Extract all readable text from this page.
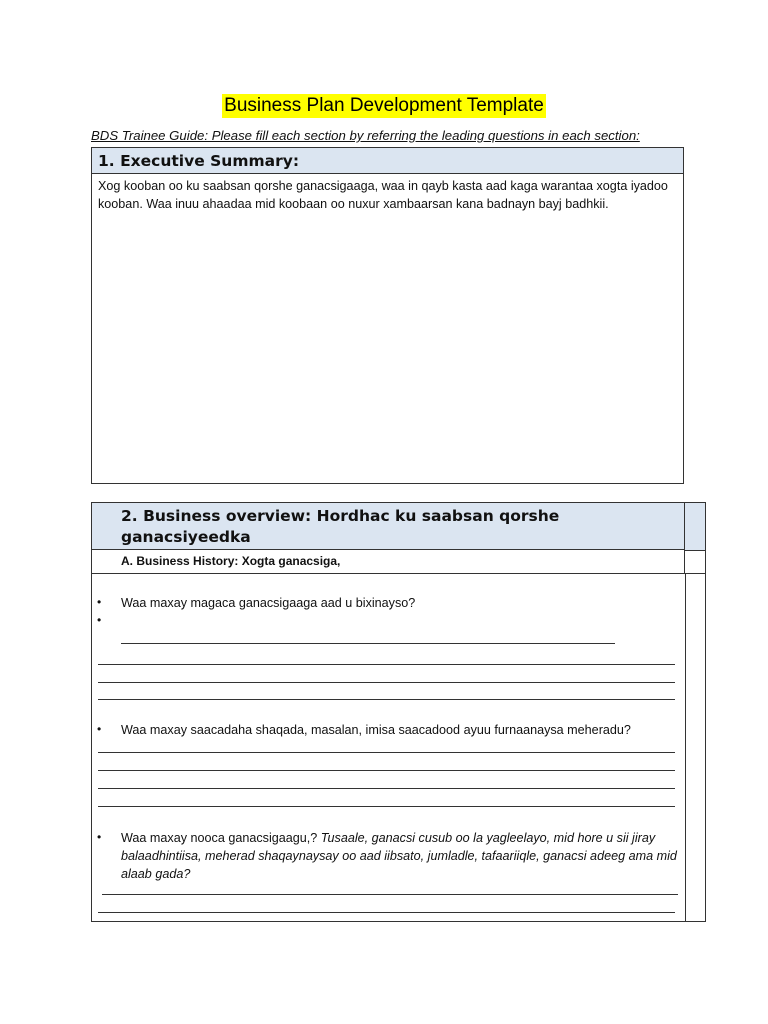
Business Plan Development Template
BDS Trainee Guide: Please fill each section by referring the leading questions in each section:
1. Executive Summary:
Xog kooban oo ku saabsan qorshe ganacsigaaga, waa in qayb kasta aad kaga warantaa xogta iyadoo kooban. Waa inuu ahaadaa mid koobaan oo nuxur xambaarsan kana badnayn bayj badhkii.
2. Business overview: Hordhac ku saabsan qorshe ganacsiyeedka
A. Business History: Xogta ganacsiga,
• Waa maxay magaca ganacsigaaga aad u bixinayso?
•
• Waa maxay saacadaha shaqada, masalan, imisa saacadood ayuu furnaanaysa meheradu?
• Waa maxay nooca ganacsigaagu,? Tusaale, ganacsi cusub oo la yagleelayo, mid hore u sii jiray balaadhintiisa, meherad shaqaynaysay oo aad iibsato, jumladle, tafaariiqle, ganacsi adeeg ama mid alaab gada?
